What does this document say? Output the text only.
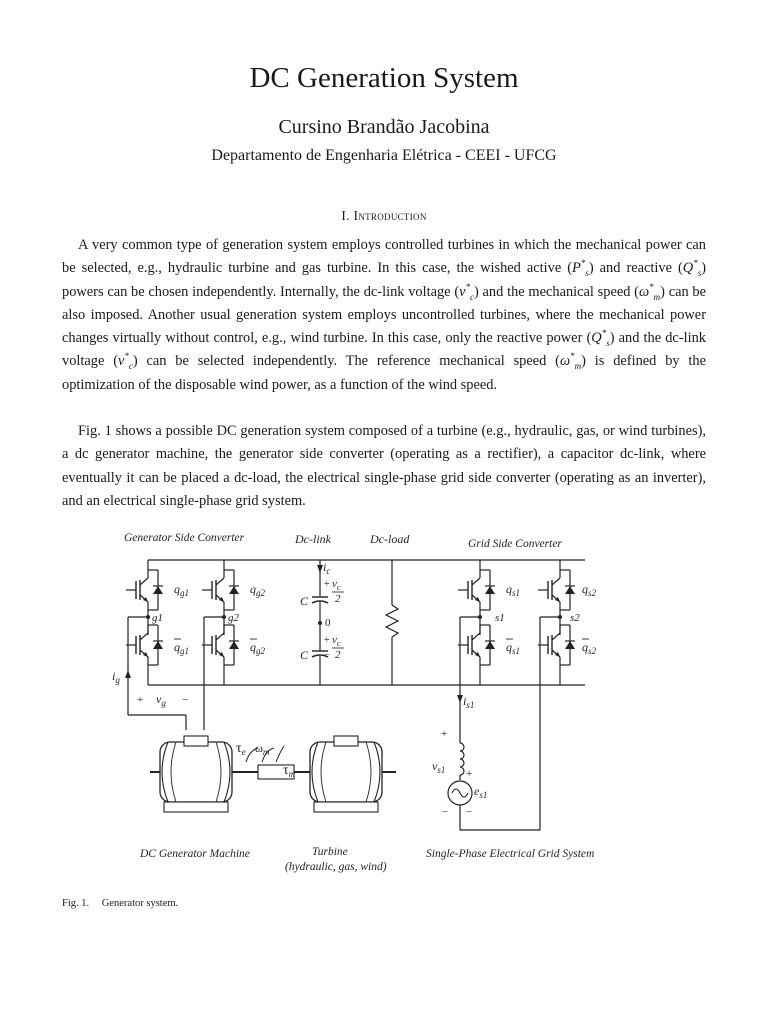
DC Generation System
Cursino Brandão Jacobina
Departamento de Engenharia Elétrica - CEEI - UFCG
I. Introduction

A very common type of generation system employs controlled turbines in which the mechanical power can be selected, e.g., hydraulic turbine and gas turbine. In this case, the wished active $(P^*_s)$ and reactive $(Q^*_s)$ powers can be chosen independently. Internally, the dc-link voltage $(v^*_c)$ and the mechanical speed $(\omega^*_m)$ can be also imposed. Another usual generation system employs uncontrolled turbines, where the mechanical power changes virtually without control, e.g., wind turbine. In this case, only the reactive power $(Q^*_s)$ and the dc-link voltage $(v^*_c)$ can be selected independently. The reference mechanical speed $(\omega^*_m)$ is defined by the optimization of the disposable wind power, as a function of the wind speed.

Fig. 1 shows a possible DC generation system composed of a turbine (e.g., hydraulic, gas, or wind turbines), a dc generator machine, the generator side converter (operating as a rectifier), a capacitor dc-link, where eventually it can be placed a dc-load, the electrical single-phase grid side converter (operating as an inverter), and an electrical single-phase grid system.

Generator Side Converter	Dc-link	Dc-load	Grid Side Converter
$q_{g1}$	$q_{g2}$
$q_{g1}$	$q_{g2}$
g1	g2
$i_g$
+ $v_g$ −
$i_c$
C
C
+ $v_c$
2
0
+ $v_c$
2
−
$q_{s1}$	$q_{s2}$
$q_{s1}$	$q_{s2}$
s1	s2
$i_{s1}$
+
$v_{s1}$ +
$e_{s1}$
− −
$\tau_e$ $\omega_m$
$\tau_m$
DC Generator Machine	Turbine
(hydraulic, gas, wind)
Single-Phase Electrical Grid System
Fig. 1. Generator system.
